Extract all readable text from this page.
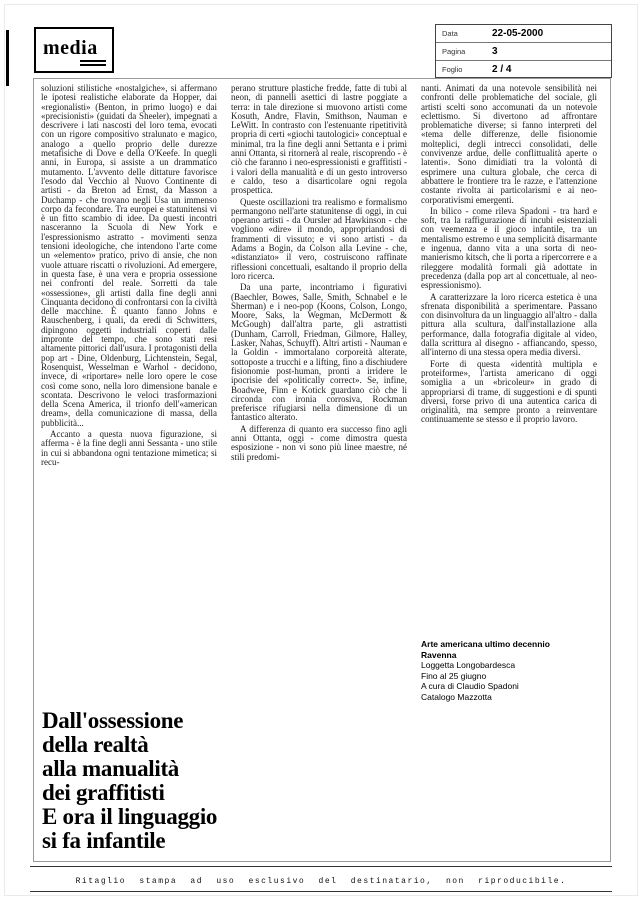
media
Data	22-05-2000
Pagina	3
Foglio	2 / 4

soluzioni stilistiche «nostalgiche», si affermano le ipotesi realistiche elaborate da Hopper, dai «regionalisti» (Benton, in primo luogo) e dai «precisionisti» (guidati da Sheeler), impegnati a descrivere i lati nascosti del loro tema, evocati con un rigore compositivo stralunato e magico, analogo a quello proprio delle durezze metafisiche di Dove e della O'Keefe. In quegli anni, in Europa, si assiste a un drammatico mutamento. L'avvento delle dittature favorisce l'esodo dal Vecchio al Nuovo Continente di artisti - da Breton ad Ernst, da Masson a Duchamp - che trovano negli Usa un immenso corpo da fecondare. Tra europei e statunitensi vi è un fitto scambio di idee. Da questi incontri nasceranno la Scuola di New York e l'espressionismo astratto - movimenti senza tensioni ideologiche, che intendono l'arte come un «elemento» pratico, privo di ansie, che non vuole attuare riscatti o rivoluzioni. Ad emergere, in questa fase, è una vera e propria ossessione nei confronti del reale. Sorretti da tale «ossessione», gli artisti dalla fine degli anni Cinquanta decidono di confrontarsi con la civiltà delle macchine. È quanto fanno Johns e Rauschenberg, i quali, da eredi di Schwitters, dipingono oggetti industriali coperti dalle impronte del tempo, che sono stati resi altamente pittorici dall'usura. I protagonisti della pop art - Dine, Oldenburg, Lichtenstein, Segal, Rosenquist, Wesselman e Warhol - decidono, invece, di «riportare» nelle loro opere le cose così come sono, nella loro dimensione banale e scontata. Descrivono le veloci trasformazioni della Scena America, il trionfo dell'«american dream», della comunicazione di massa, della pubblicità...

Accanto a questa nuova figurazione, si afferma - è la fine degli anni Sessanta - uno stile in cui si abbandona ogni tentazione mimetica; si recu-

perano strutture plastiche fredde, fatte di tubi al neon, di pannelli asettici di lastre poggiate a terra: in tale direzione si muovono artisti come Kosuth, Andre, Flavin, Smithson, Nauman e LeWitt. In contrasto con l'estenuante ripetitività propria di certi «giochi tautologici» conceptual e minimal, tra la fine degli anni Settanta e i primi anni Ottanta, si ritornerà al reale, riscoprendo - è ciò che faranno i neo-espressionisti e graffitisti - i valori della manualità e di un gesto introverso e caldo, teso a disarticolare ogni regola prospettica.

Queste oscillazioni tra realismo e formalismo permangono nell'arte statunitense di oggi, in cui operano artisti - da Oursler ad Hawkinson - che vogliono «dire» il mondo, appropriandosi di frammenti di vissuto; e vi sono artisti - da Adams a Bogin, da Colson alla Levine - che, «distanziato» il vero, costruiscono raffinate riflessioni concettuali, esaltando il proprio della loro ricerca.

Da una parte, incontriamo i figurativi (Baechler, Bowes, Salle, Smith, Schnabel e le Sherman) e i neo-pop (Koons, Colson, Longo, Moore, Saks, la Wegman, McDermott & McGough) dall'altra parte, gli astrattisti (Dunham, Carroll, Friedman, Gilmore, Halley, Lasker, Nahas, Schuyff). Altri artisti - Nauman e la Goldin - immortalano corporeità alterate, sottoposte a trucchi e a lifting, fino a dischiudere fisionomie post-human, pronti a irridere le ipocrisie del «politically correct». Se, infine, Boadwee, Finn e Kotick guardano ciò che li circonda con ironia corrosiva, Rockman preferisce rifugiarsi nella dimensione di un fantastico alterato.

A differenza di quanto era successo fino agli anni Ottanta, oggi - come dimostra questa esposizione - non vi sono più linee maestre, né stili predomi-

nanti. Animati da una notevole sensibilità nei confronti delle problematiche del sociale, gli artisti scelti sono accomunati da un notevole eclettismo. Si divertono ad affrontare problematiche diverse; si fanno interpreti del «tema delle differenze, delle fisionomie molteplici, degli intrecci consolidati, delle convivenze ardue, delle conflittualità aperte o latenti». Sono dimidiati tra la volontà di esprimere una cultura globale, che cerca di abbattere le frontiere tra le razze, e l'attenzione costante rivolta ai particolarismi e ai neo-corporativismi emergenti.

In bilico - come rileva Spadoni - tra hard e soft, tra la raffigurazione di incubi esistenziali con veemenza e il gioco infantile, tra un mentalismo estremo e una semplicità disarmante e ingenua, danno vita a una sorta di neo-manierismo kitsch, che li porta a ripercorrere e a rileggere modalità formali già adottate in precedenza (dalla pop art al concettuale, al neo-espressionismo).

A caratterizzare la loro ricerca estetica è una sfrenata disponibilità a sperimentare. Passano con disinvoltura da un linguaggio all'altro - dalla pittura alla scultura, dall'installazione alla performance, dalla fotografia digitale al video, dalla scrittura al disegno - affiancando, spesso, all'interno di una stessa opera media diversi.

Forte di questa «identità multipla e proteiforme», l'artista americano di oggi somiglia a un «bricoleur» in grado di appropriarsi di trame, di suggestioni e di spunti diversi, forse privo di una autentica carica di originalità, ma sempre pronto a reinventare continuamente se stesso e il proprio lavoro.

Arte americana ultimo decennio
Ravenna
Loggetta Longobardesca
Fino al 25 giugno
A cura di Claudio Spadoni
Catalogo Mazzotta
Dall'ossessione
della realtà
alla manualità
dei graffitisti
E ora il linguaggio
si fa infantile
Ritaglio stampa ad uso esclusivo del destinatario, non riproducibile.
